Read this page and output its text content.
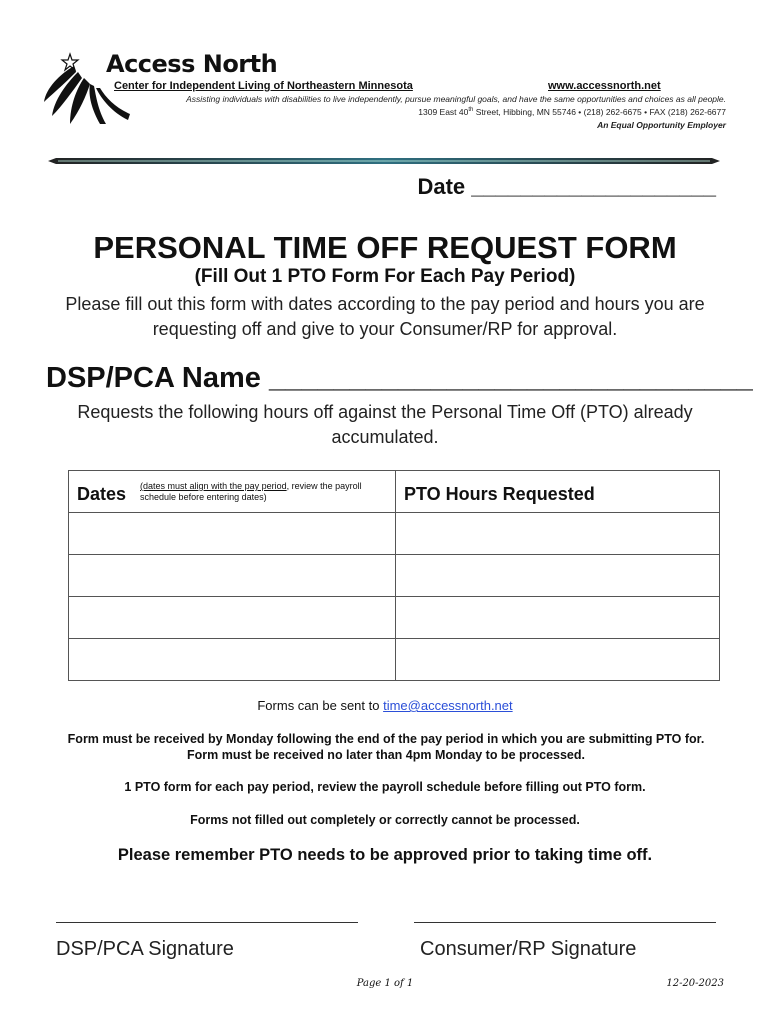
Access North
Center for Independent Living of Northeastern Minnesota	www.accessnorth.net
Assisting individuals with disabilities to live independently, pursue meaningful goals, and have the same opportunities and choices as all people.
1309 East 40th Street, Hibbing, MN 55746 • (218) 262-6675 • FAX (218) 262-6677
An Equal Opportunity Employer
Date ____________________
PERSONAL TIME OFF REQUEST FORM
(Fill Out 1 PTO Form For Each Pay Period)
Please fill out this form with dates according to the pay period and hours you are requesting off and give to your Consumer/RP for approval.
DSP/PCA Name ______________________________
Requests the following hours off against the Personal Time Off (PTO) already accumulated.
Dates (dates must align with the pay period, review the payroll schedule before entering dates)	PTO Hours Requested

Forms can be sent to time@accessnorth.net
Form must be received by Monday following the end of the pay period in which you are submitting PTO for. Form must be received no later than 4pm Monday to be processed.
1 PTO form for each pay period, review the payroll schedule before filling out PTO form.
Forms not filled out completely or correctly cannot be processed.
Please remember PTO needs to be approved prior to taking time off.
DSP/PCA Signature	Consumer/RP Signature
Page 1 of 1	12-20-2023
